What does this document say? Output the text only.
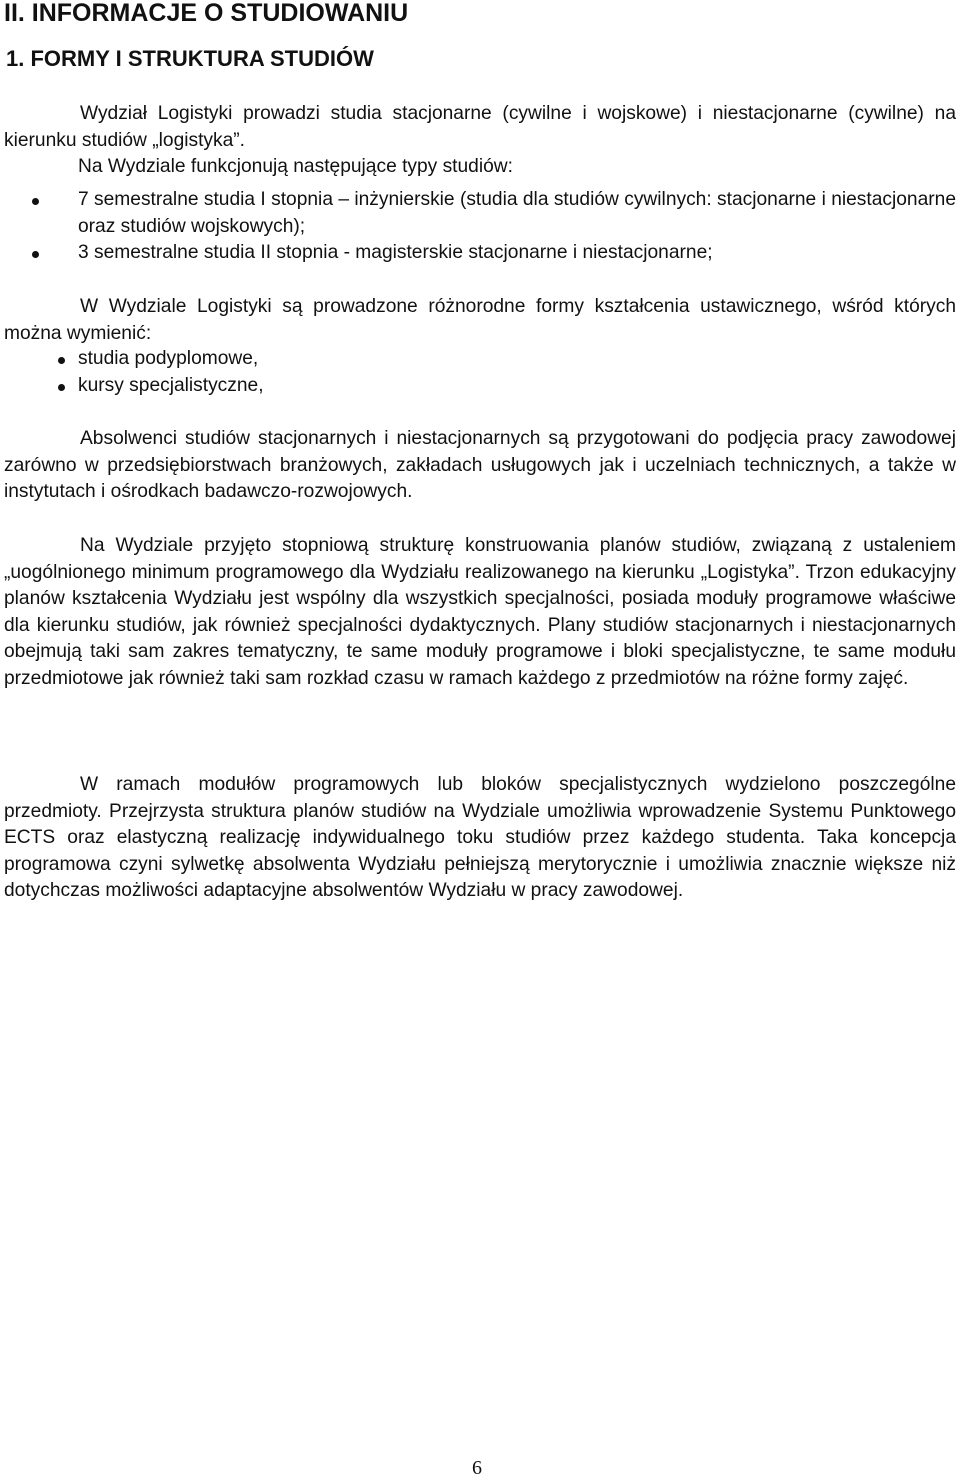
II. INFORMACJE O STUDIOWANIU
1. FORMY I STRUKTURA STUDIÓW

Wydział Logistyki prowadzi studia stacjonarne (cywilne i wojskowe) i niestacjonarne (cywilne) na kierunku studiów „logistyka”.

Na Wydziale funkcjonują następujące typy studiów:

7 semestralne studia I stopnia – inżynierskie (studia dla studiów cywilnych: stacjonarne i niestacjonarne oraz studiów wojskowych);
3 semestralne studia II stopnia - magisterskie stacjonarne i niestacjonarne;

W Wydziale Logistyki są prowadzone różnorodne formy kształcenia ustawicznego, wśród których można wymienić:

studia podyplomowe,
kursy specjalistyczne,

Absolwenci studiów stacjonarnych i niestacjonarnych są przygotowani do podjęcia pracy zawodowej zarówno w przedsiębiorstwach branżowych, zakładach usługowych jak i uczelniach technicznych, a także w instytutach i ośrodkach badawczo-rozwojowych.

Na Wydziale przyjęto stopniową strukturę konstruowania planów studiów, związaną z ustaleniem „uogólnionego minimum programowego dla Wydziału realizowanego na kierunku „Logistyka”. Trzon edukacyjny planów kształcenia Wydziału jest wspólny dla wszystkich specjalności, posiada moduły programowe właściwe dla kierunku studiów, jak również specjalności dydaktycznych. Plany studiów stacjonarnych i niestacjonarnych obejmują taki sam zakres tematyczny, te same moduły programowe i bloki specjalistyczne, te same modułu przedmiotowe jak również taki sam rozkład czasu w ramach każdego z przedmiotów na różne formy zajęć.

W ramach modułów programowych lub bloków specjalistycznych wydzielono poszczególne przedmioty. Przejrzysta struktura planów studiów na Wydziale umożliwia wprowadzenie Systemu Punktowego ECTS oraz elastyczną realizację indywidualnego toku studiów przez każdego studenta. Taka koncepcja programowa czyni sylwetkę absolwenta Wydziału pełniejszą merytorycznie i umożliwia znacznie większe niż dotychczas możliwości adaptacyjne absolwentów Wydziału w pracy zawodowej.

6
